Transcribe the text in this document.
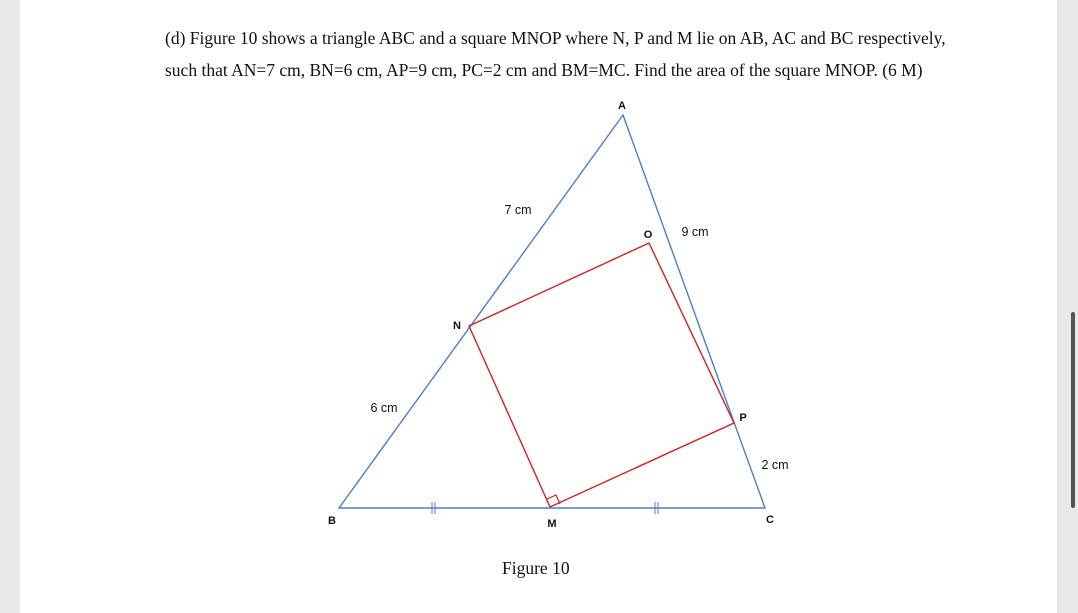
(d) Figure 10 shows a triangle ABC and a square MNOP where N, P and M lie on AB, AC and BC respectively,
such that AN=7 cm, BN=6 cm, AP=9 cm, PC=2 cm and BM=MC. Find the area of the square MNOP. (6 M)
A
B	C
M
N
O
P
7 cm
6 cm
9 cm
2 cm
Figure 10
